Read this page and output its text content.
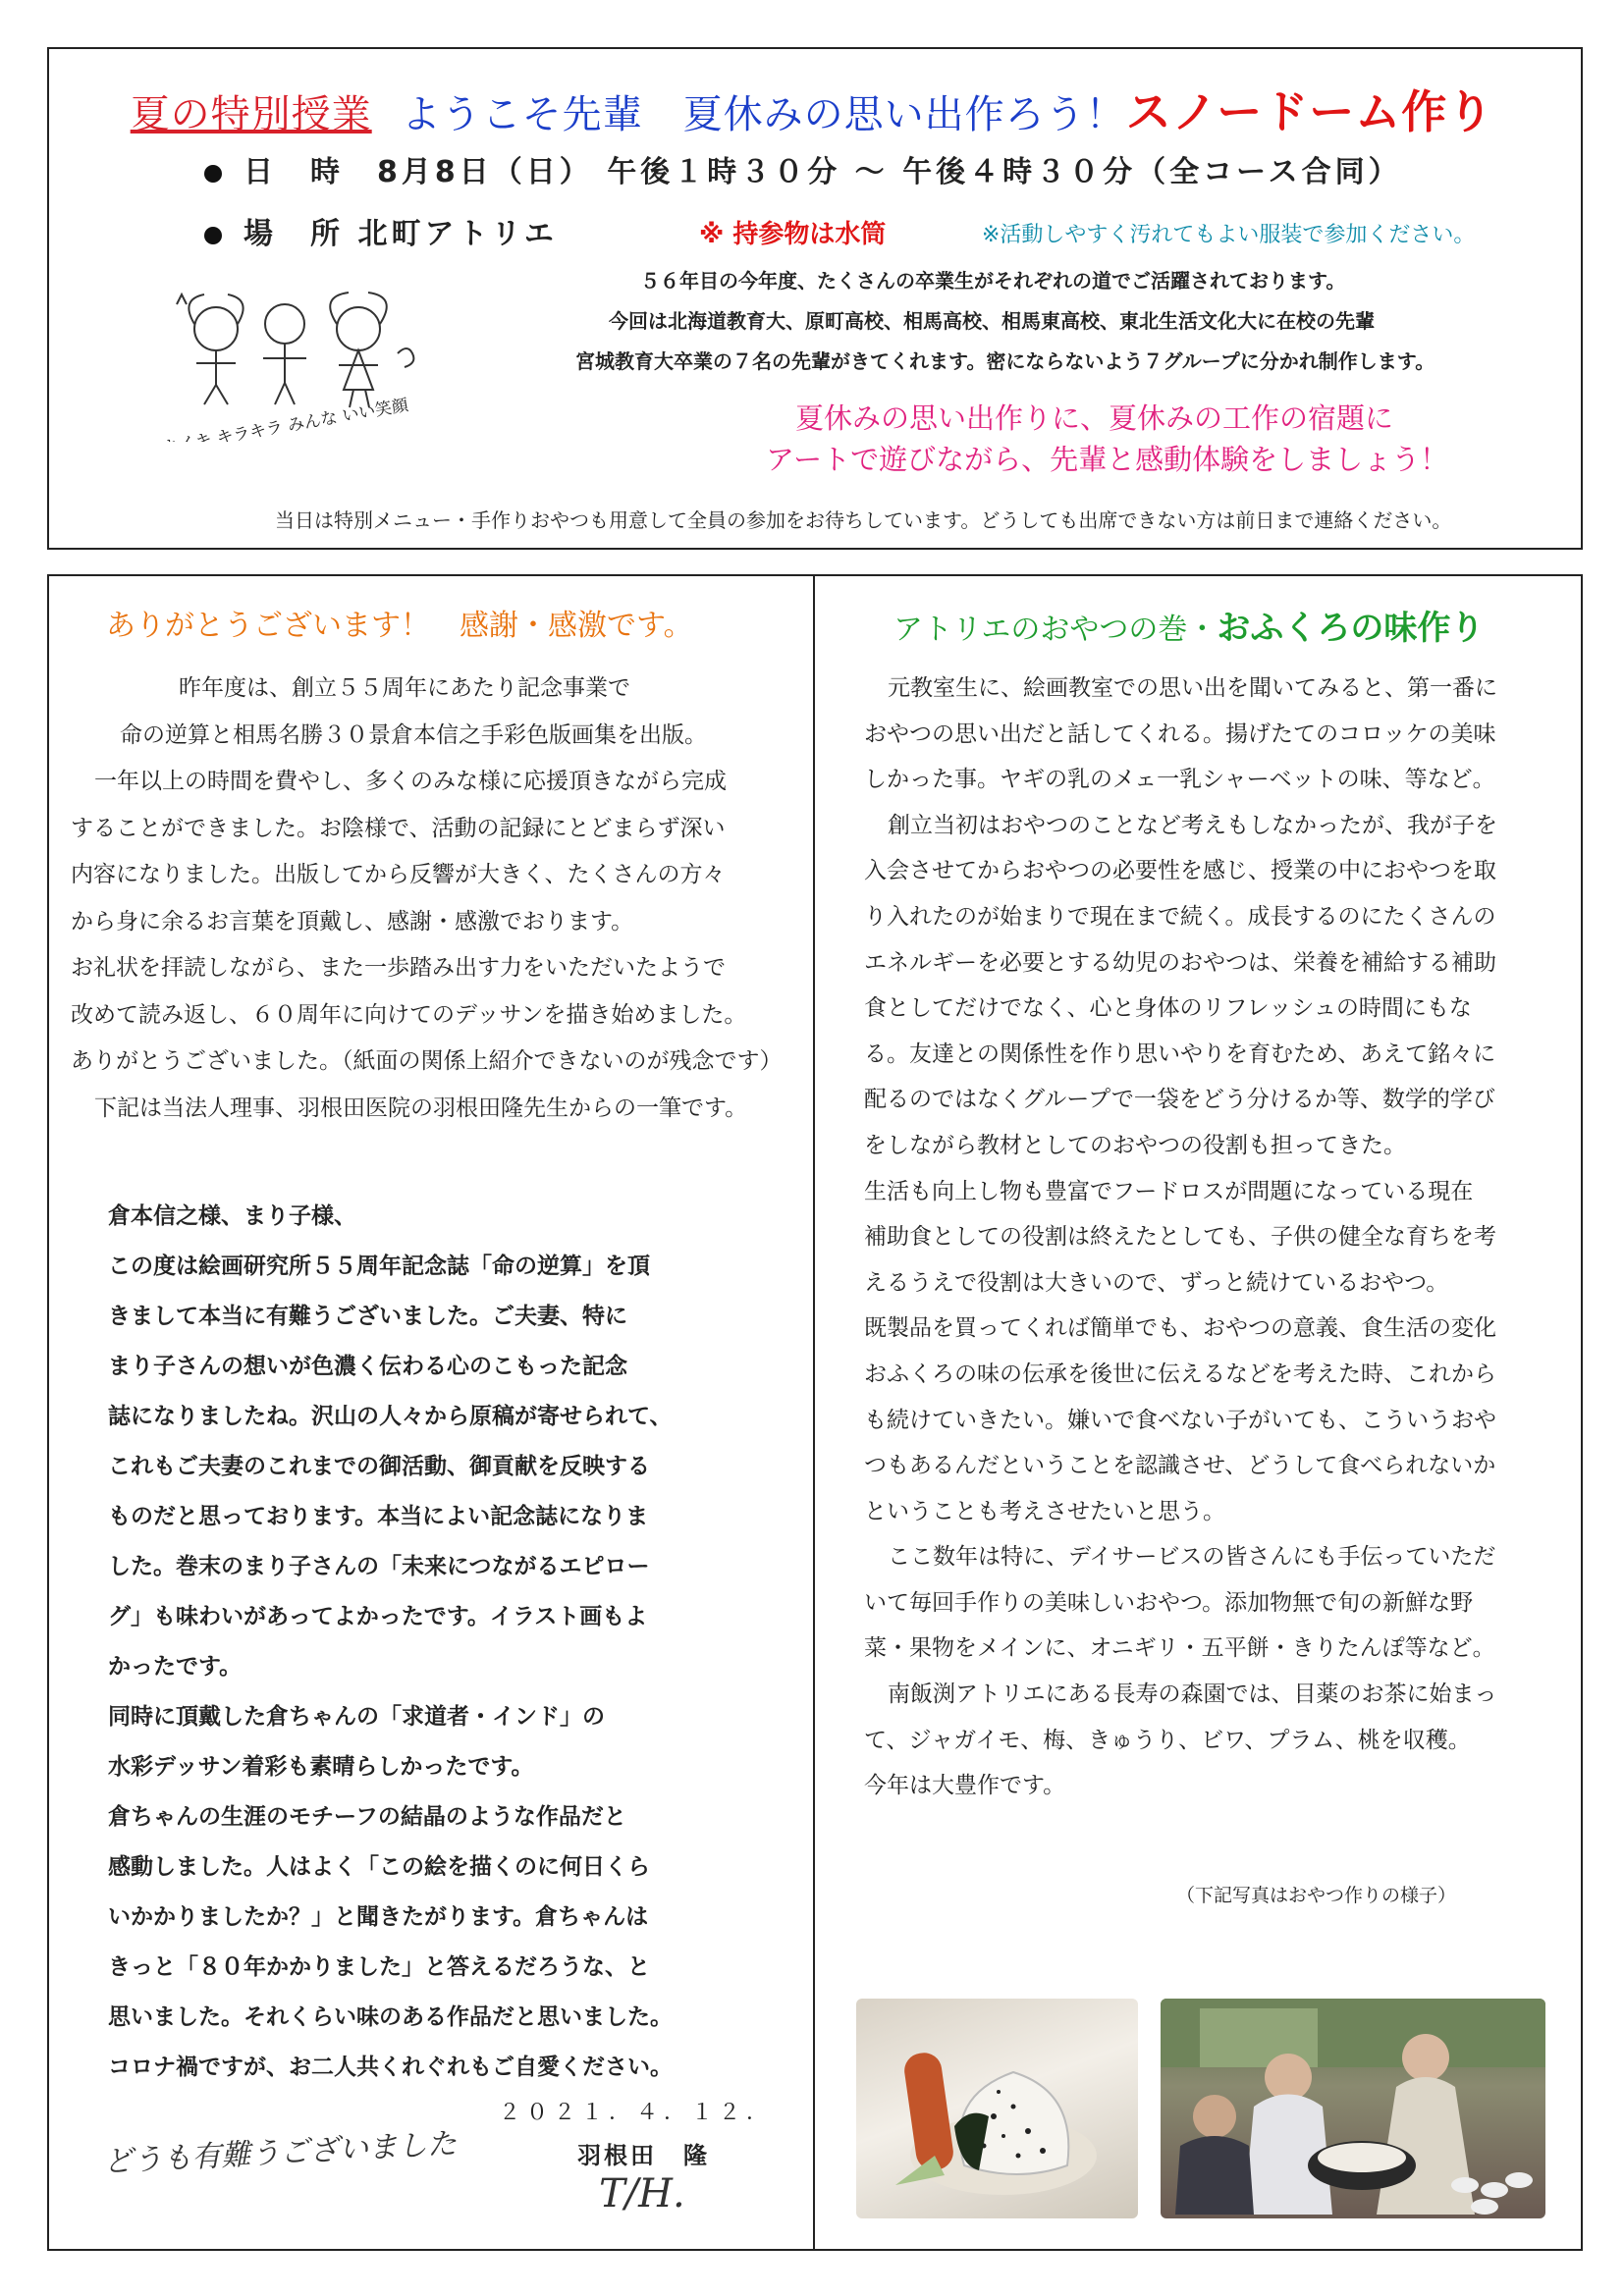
夏の特別授業 ようこそ先輩　夏休みの思い出作ろう！スノードーム作り
日　時　8月8日（日） 午後１時３０分 ～ 午後４時３０分（全コース合同）
場　所 北町アトリエ	※ 持参物は水筒	※活動しやすく汚れてもよい服装で参加ください。
イキイキ キラキラ みんな いい笑顔
５６年目の今年度、たくさんの卒業生がそれぞれの道でご活躍されております。
今回は北海道教育大、原町高校、相馬高校、相馬東高校、東北生活文化大に在校の先輩
宮城教育大卒業の７名の先輩がきてくれます。密にならないよう７グループに分かれ制作します。
夏休みの思い出作りに、夏休みの工作の宿題に
アートで遊びながら、先輩と感動体験をしましょう！
当日は特別メニュー・手作りおやつも用意して全員の参加をお待ちしています。どうしても出席できない方は前日まで連絡ください。
ありがとうございます！　感謝・感激です。
昨年度は、創立５５周年にあたり記念事業で
命の逆算と相馬名勝３０景倉本信之手彩色版画集を出版。
一年以上の時間を費やし、多くのみな様に応援頂きながら完成
することができました。お陰様で、活動の記録にとどまらず深い
内容になりました。出版してから反響が大きく、たくさんの方々
から身に余るお言葉を頂戴し、感謝・感激でおります。
お礼状を拝読しながら、また一歩踏み出す力をいただいたようで
改めて読み返し、６０周年に向けてのデッサンを描き始めました。
ありがとうございました。（紙面の関係上紹介できないのが残念です）
下記は当法人理事、羽根田医院の羽根田隆先生からの一筆です。
倉本信之様、まり子様、
この度は絵画研究所５５周年記念誌「命の逆算」を頂
きまして本当に有難うございました。ご夫妻、特に
まり子さんの想いが色濃く伝わる心のこもった記念
誌になりましたね。沢山の人々から原稿が寄せられて、
これもご夫妻のこれまでの御活動、御貢献を反映する
ものだと思っております。本当によい記念誌になりま
した。巻末のまり子さんの「未来につながるエピロー
グ」も味わいがあってよかったです。イラスト画もよ
かったです。
同時に頂戴した倉ちゃんの「求道者・インド」の
水彩デッサン着彩も素晴らしかったです。
倉ちゃんの生涯のモチーフの結晶のような作品だと
感動しました。人はよく「この絵を描くのに何日くら
いかかりましたか？」と聞きたがります。倉ちゃんは
きっと「８０年かかりました」と答えるだろうな、と
思いました。それくらい味のある作品だと思いました。
コロナ禍ですが、お二人共くれぐれもご自愛ください。
２０２１．４．１２．
どうも有難うございました	羽根田　隆
T/H.
アトリエのおやつの巻・おふくろの味作り
元教室生に、絵画教室での思い出を聞いてみると、第一番に
おやつの思い出だと話してくれる。揚げたてのコロッケの美味
しかった事。ヤギの乳のメェ一乳シャーベットの味、等など。
創立当初はおやつのことなど考えもしなかったが、我が子を
入会させてからおやつの必要性を感じ、授業の中におやつを取
り入れたのが始まりで現在まで続く。成長するのにたくさんの
エネルギーを必要とする幼児のおやつは、栄養を補給する補助
食としてだけでなく、心と身体のリフレッシュの時間にもな
る。友達との関係性を作り思いやりを育むため、あえて銘々に
配るのではなくグループで一袋をどう分けるか等、数学的学び
をしながら教材としてのおやつの役割も担ってきた。
生活も向上し物も豊富でフードロスが問題になっている現在
補助食としての役割は終えたとしても、子供の健全な育ちを考
えるうえで役割は大きいので、ずっと続けているおやつ。
既製品を買ってくれば簡単でも、おやつの意義、食生活の変化
おふくろの味の伝承を後世に伝えるなどを考えた時、これから
も続けていきたい。嫌いで食べない子がいても、こういうおや
つもあるんだということを認識させ、どうして食べられないか
ということも考えさせたいと思う。
ここ数年は特に、デイサービスの皆さんにも手伝っていただ
いて毎回手作りの美味しいおやつ。添加物無で旬の新鮮な野
菜・果物をメインに、オニギリ・五平餅・きりたんぽ等など。
南飯渕アトリエにある長寿の森園では、目薬のお茶に始まっ
て、ジャガイモ、梅、きゅうり、ビワ、プラム、桃を収穫。
今年は大豊作です。
（下記写真はおやつ作りの様子）
